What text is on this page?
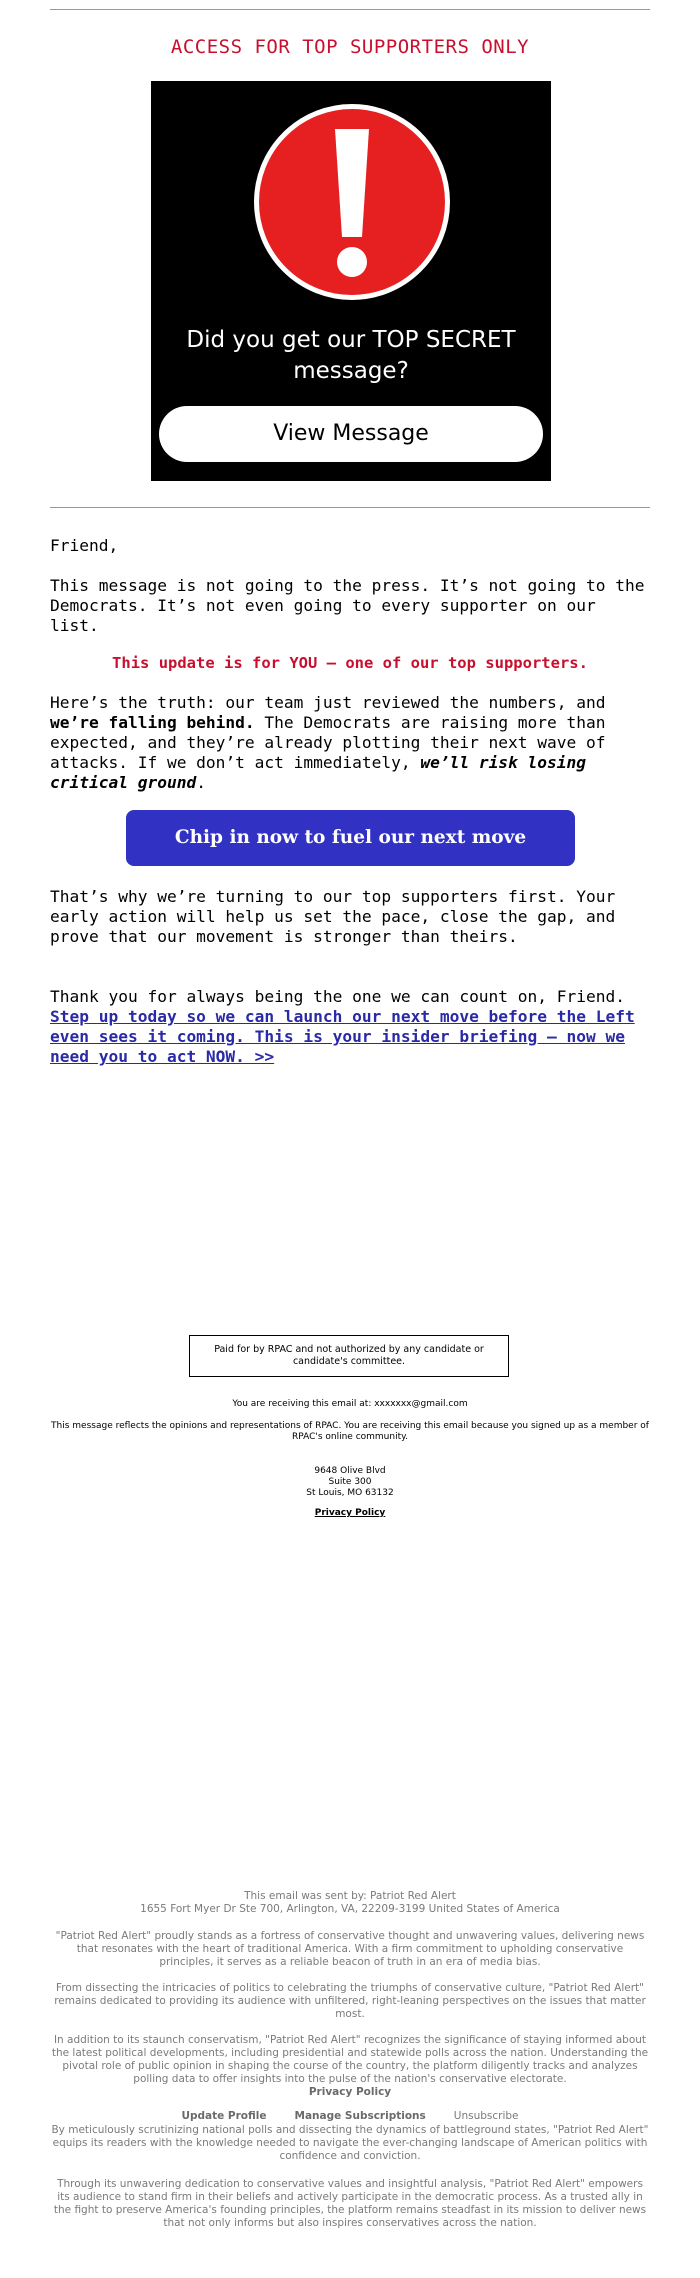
ACCESS FOR TOP SUPPORTERS ONLY
Did you get our TOP SECRET
message?
View Message
Friend,
This message is not going to the press. It’s not going to the Democrats. It’s not even going to every supporter on our list.
This update is for YOU — one of our top supporters.
Here’s the truth: our team just reviewed the numbers, and we’re falling behind. The Democrats are raising more than expected, and they’re already plotting their next wave of attacks. If we don’t act immediately, we’ll risk losing critical ground.
Chip in now to fuel our next move
That’s why we’re turning to our top supporters first. Your early action will help us set the pace, close the gap, and prove that our movement is stronger than theirs.
Thank you for always being the one we can count on, Friend. Step up today so we can launch our next move before the Left even sees it coming. This is your insider briefing — now we need you to act NOW. >>
Paid for by RPAC and not authorized by any candidate or candidate's committee.
You are receiving this email at: xxxxxxx@gmail.com
This message reflects the opinions and representations of RPAC. You are receiving this email because you signed up as a member of RPAC's online community.
9648 Olive Blvd
Suite 300
St Louis, MO 63132
Privacy Policy
This email was sent by: Patriot Red Alert
1655 Fort Myer Dr Ste 700, Arlington, VA, 22209-3199 United States of America
"Patriot Red Alert" proudly stands as a fortress of conservative thought and unwavering values, delivering news that resonates with the heart of traditional America. With a firm commitment to upholding conservative principles, it serves as a reliable beacon of truth in an era of media bias.
From dissecting the intricacies of politics to celebrating the triumphs of conservative culture, "Patriot Red Alert" remains dedicated to providing its audience with unfiltered, right-leaning perspectives on the issues that matter most.
In addition to its staunch conservatism, "Patriot Red Alert" recognizes the significance of staying informed about the latest political developments, including presidential and statewide polls across the nation. Understanding the pivotal role of public opinion in shaping the course of the country, the platform diligently tracks and analyzes polling data to offer insights into the pulse of the nation's conservative electorate.
Privacy Policy
Update Profile	Manage Subscriptions	Unsubscribe
By meticulously scrutinizing national polls and dissecting the dynamics of battleground states, "Patriot Red Alert" equips its readers with the knowledge needed to navigate the ever-changing landscape of American politics with confidence and conviction.
Through its unwavering dedication to conservative values and insightful analysis, "Patriot Red Alert" empowers its audience to stand firm in their beliefs and actively participate in the democratic process. As a trusted ally in the fight to preserve America's founding principles, the platform remains steadfast in its mission to deliver news that not only informs but also inspires conservatives across the nation.
